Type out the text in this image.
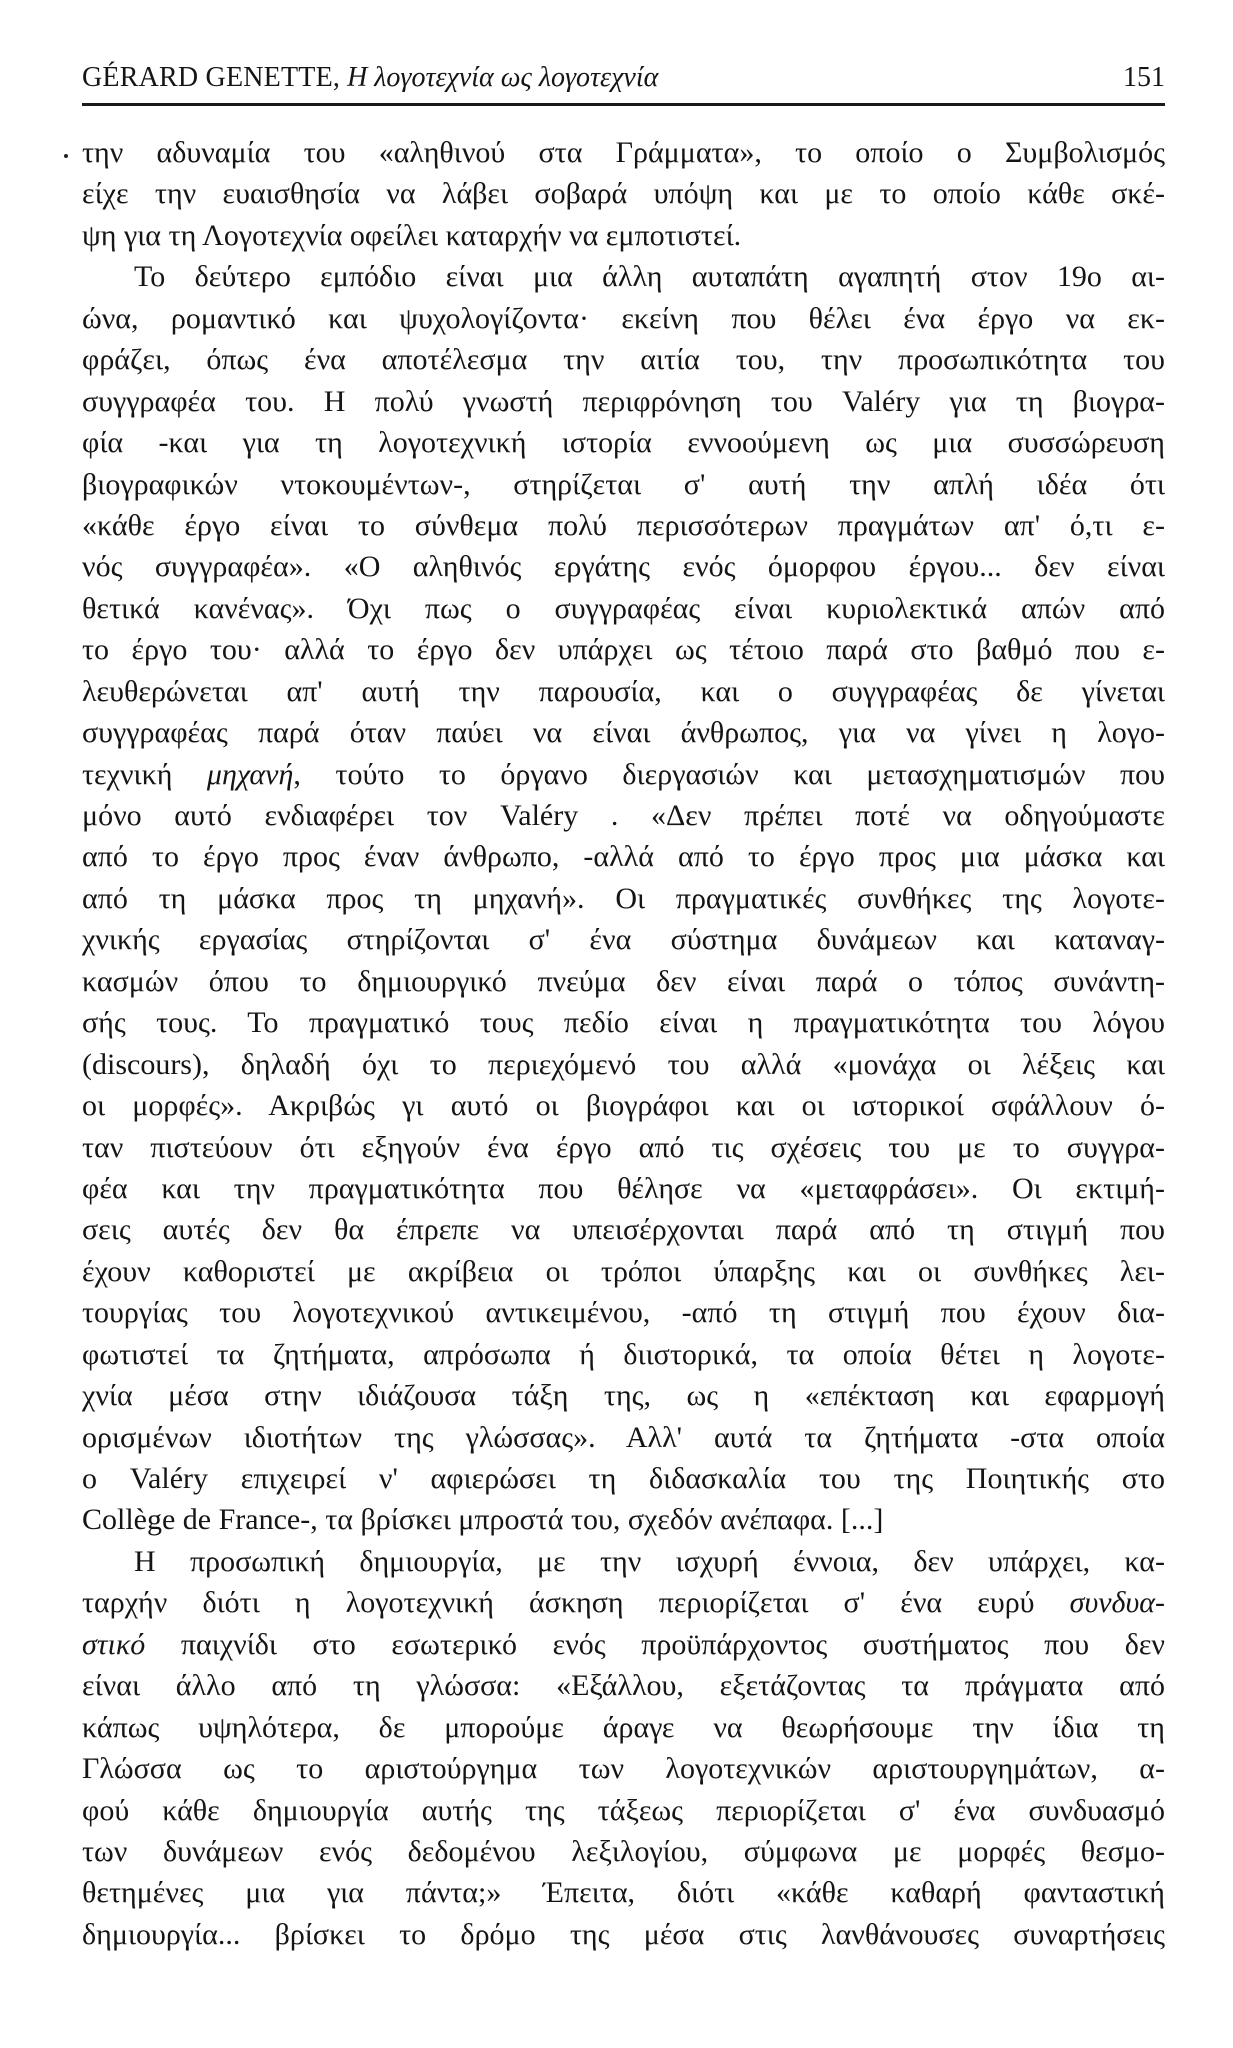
GÉRARD GENETTE, Η λογοτεχνία ως λογοτεχνία	151
την αδυναμία του «αληθινού στα Γράμματα», το οποίο ο Συμβολισμός
είχε την ευαισθησία να λάβει σοβαρά υπόψη και με το οποίο κάθε σκέ-
ψη για τη Λογοτεχνία οφείλει καταρχήν να εμποτιστεί.
Το δεύτερο εμπόδιο είναι μια άλλη αυταπάτη αγαπητή στον 19ο αι-
ώνα, ρομαντικό και ψυχολογίζοντα· εκείνη που θέλει ένα έργο να εκ-
φράζει, όπως ένα αποτέλεσμα την αιτία του, την προσωπικότητα του
συγγραφέα του. Η πολύ γνωστή περιφρόνηση του Valéry για τη βιογρα-
φία -και για τη λογοτεχνική ιστορία εννοούμενη ως μια συσσώρευση
βιογραφικών ντοκουμέντων-, στηρίζεται σ' αυτή την απλή ιδέα ότι
«κάθε έργο είναι το σύνθεμα πολύ περισσότερων πραγμάτων απ' ό,τι ε-
νός συγγραφέα». «Ο αληθινός εργάτης ενός όμορφου έργου... δεν είναι
θετικά κανένας». Όχι πως ο συγγραφέας είναι κυριολεκτικά απών από
το έργο του· αλλά το έργο δεν υπάρχει ως τέτοιο παρά στο βαθμό που ε-
λευθερώνεται απ' αυτή την παρουσία, και ο συγγραφέας δε γίνεται
συγγραφέας παρά όταν παύει να είναι άνθρωπος, για να γίνει η λογο-
τεχνική μηχανή, τούτο το όργανο διεργασιών και μετασχηματισμών που
μόνο αυτό ενδιαφέρει τον Valéry . «Δεν πρέπει ποτέ να οδηγούμαστε
από το έργο προς έναν άνθρωπο, -αλλά από το έργο προς μια μάσκα και
από τη μάσκα προς τη μηχανή». Οι πραγματικές συνθήκες της λογοτε-
χνικής εργασίας στηρίζονται σ' ένα σύστημα δυνάμεων και καταναγ-
κασμών όπου το δημιουργικό πνεύμα δεν είναι παρά ο τόπος συνάντη-
σής τους. Το πραγματικό τους πεδίο είναι η πραγματικότητα του λόγου
(discours), δηλαδή όχι το περιεχόμενό του αλλά «μονάχα οι λέξεις και
οι μορφές». Ακριβώς γι αυτό οι βιογράφοι και οι ιστορικοί σφάλλουν ό-
ταν πιστεύουν ότι εξηγούν ένα έργο από τις σχέσεις του με το συγγρα-
φέα και την πραγματικότητα που θέλησε να «μεταφράσει». Οι εκτιμή-
σεις αυτές δεν θα έπρεπε να υπεισέρχονται παρά από τη στιγμή που
έχουν καθοριστεί με ακρίβεια οι τρόποι ύπαρξης και οι συνθήκες λει-
τουργίας του λογοτεχνικού αντικειμένου, -από τη στιγμή που έχουν δια-
φωτιστεί τα ζητήματα, απρόσωπα ή διιστορικά, τα οποία θέτει η λογοτε-
χνία μέσα στην ιδιάζουσα τάξη της, ως η «επέκταση και εφαρμογή
ορισμένων ιδιοτήτων της γλώσσας». Αλλ' αυτά τα ζητήματα -στα οποία
ο Valéry επιχειρεί ν' αφιερώσει τη διδασκαλία του της Ποιητικής στο
Collège de France-, τα βρίσκει μπροστά του, σχεδόν ανέπαφα. [...]
Η προσωπική δημιουργία, με την ισχυρή έννοια, δεν υπάρχει, κα-
ταρχήν διότι η λογοτεχνική άσκηση περιορίζεται σ' ένα ευρύ συνδυα-
στικό παιχνίδι στο εσωτερικό ενός προϋπάρχοντος συστήματος που δεν
είναι άλλο από τη γλώσσα: «Εξάλλου, εξετάζοντας τα πράγματα από
κάπως υψηλότερα, δε μπορούμε άραγε να θεωρήσουμε την ίδια τη
Γλώσσα ως το αριστούργημα των λογοτεχνικών αριστουργημάτων, α-
φού κάθε δημιουργία αυτής της τάξεως περιορίζεται σ' ένα συνδυασμό
των δυνάμεων ενός δεδομένου λεξιλογίου, σύμφωνα με μορφές θεσμο-
θετημένες μια για πάντα;» Έπειτα, διότι «κάθε καθαρή φανταστική
δημιουργία... βρίσκει το δρόμο της μέσα στις λανθάνουσες συναρτήσεις
